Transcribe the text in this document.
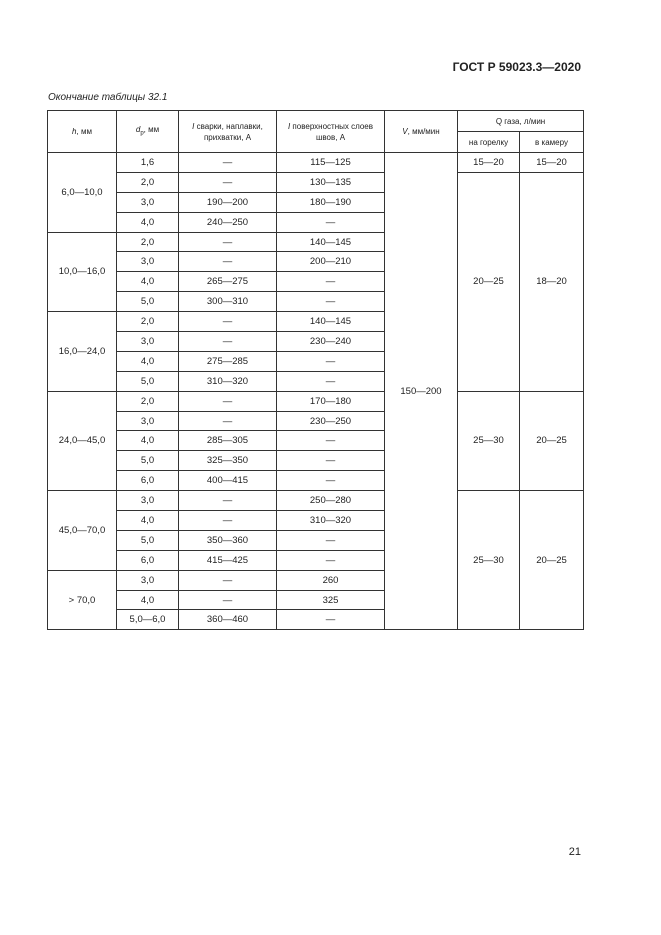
ГОСТ Р 59023.3—2020
Окончание таблицы 32.1
h, мм	$d_p$, мм	I сварки, наплавки, прихватки, А	I поверхностных слоев швов, А	V, мм/мин	Q газа, л/мин	
					на горелку	в камеру
6,0—10,0	1,6	—	115—125	150—200	15—20	15—20
	2,0	—	130—135		20—25	18—20
	3,0	190—200	180—190			
	4,0	240—250	—			
10,0—16,0	2,0	—	140—145			
	3,0	—	200—210			
	4,0	265—275	—			
	5,0	300—310	—			
16,0—24,0	2,0	—	140—145			
	3,0	—	230—240			
	4,0	275—285	—			
	5,0	310—320	—			
24,0—45,0	2,0	—	170—180		25—30	20—25
	3,0	—	230—250			
	4,0	285—305	—			
	5,0	325—350	—			
	6,0	400—415	—			
45,0—70,0	3,0	—	250—280		25—30	20—25
	4,0	—	310—320			
	5,0	350—360	—			
	6,0	415—425	—			
> 70,0	3,0	—	260			
	4,0	—	325			
	5,0—6,0	360—460	—			
21
